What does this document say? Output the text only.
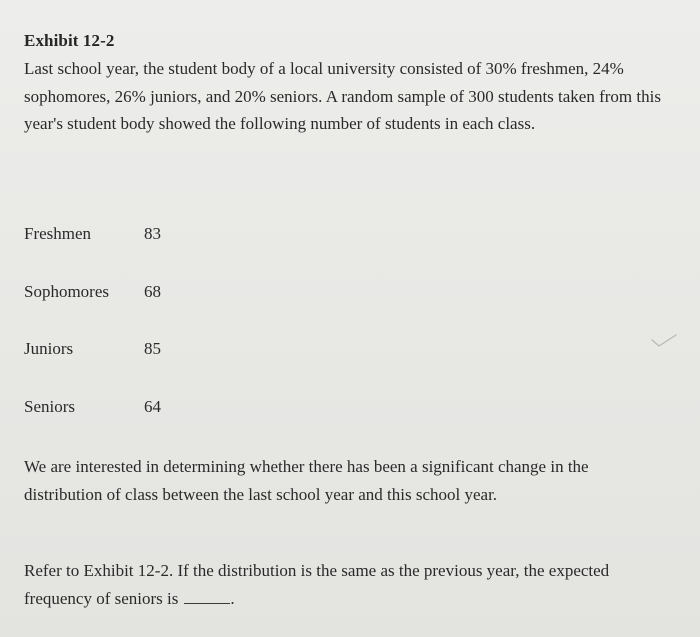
Exhibit 12-2
Last school year, the student body of a local university consisted of 30% freshmen, 24% sophomores, 26% juniors, and 20% seniors. A random sample of 300 students taken from this year's student body showed the following number of students in each class.
Freshmen	83
Sophomores 68
Juniors	85
Seniors	64
We are interested in determining whether there has been a significant change in the distribution of class between the last school year and this school year.
Refer to Exhibit 12-2. If the distribution is the same as the previous year, the expected frequency of seniors is	.
